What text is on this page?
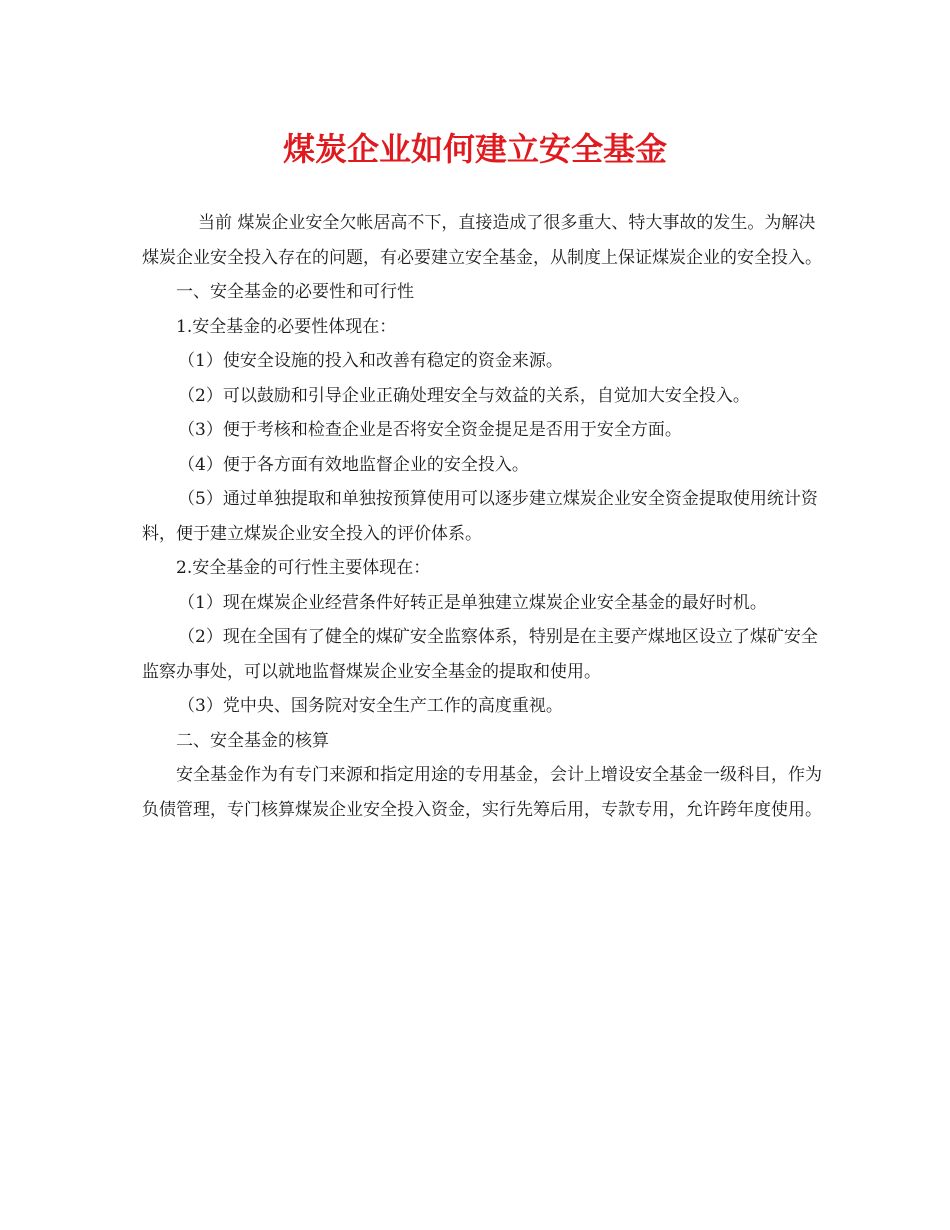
煤炭企业如何建立安全基金

当前 煤炭企业安全欠帐居高不下，直接造成了很多重大、特大事故的发生。为解决煤炭企业安全投入存在的问题，有必要建立安全基金，从制度上保证煤炭企业的安全投入。

一、安全基金的必要性和可行性

1.安全基金的必要性体现在：

（1）使安全设施的投入和改善有稳定的资金来源。

（2）可以鼓励和引导企业正确处理安全与效益的关系，自觉加大安全投入。

（3）便于考核和检查企业是否将安全资金提足是否用于安全方面。

（4）便于各方面有效地监督企业的安全投入。

（5）通过单独提取和单独按预算使用可以逐步建立煤炭企业安全资金提取使用统计资料，便于建立煤炭企业安全投入的评价体系。

2.安全基金的可行性主要体现在：

（1）现在煤炭企业经营条件好转正是单独建立煤炭企业安全基金的最好时机。

（2）现在全国有了健全的煤矿安全监察体系，特别是在主要产煤地区设立了煤矿安全监察办事处，可以就地监督煤炭企业安全基金的提取和使用。

（3）党中央、国务院对安全生产工作的高度重视。

二、安全基金的核算

安全基金作为有专门来源和指定用途的专用基金，会计上增设安全基金一级科目，作为负债管理，专门核算煤炭企业安全投入资金，实行先筹后用，专款专用，允许跨年度使用。
